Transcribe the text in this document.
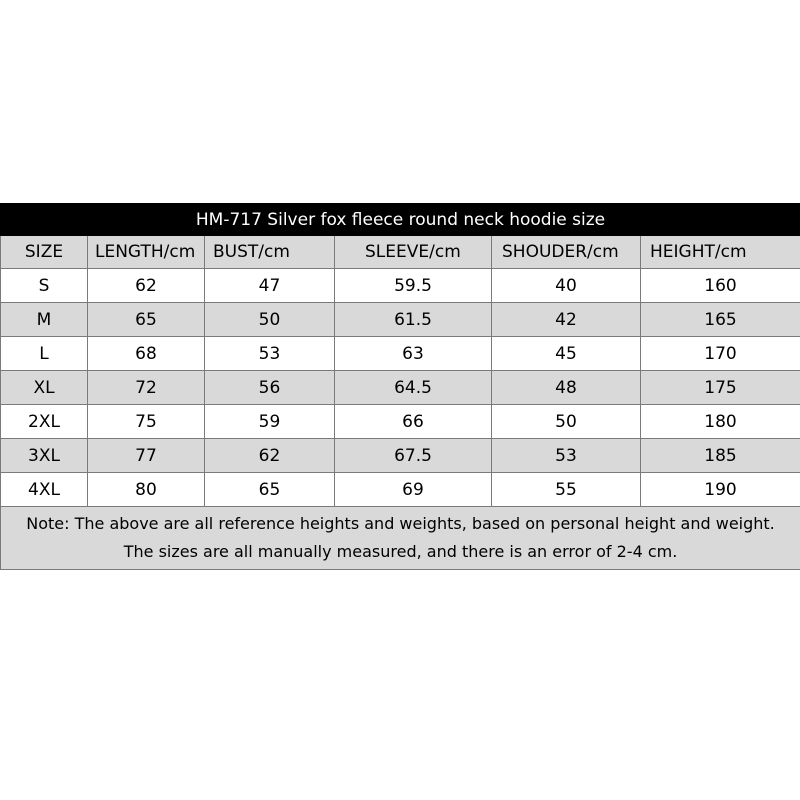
HM-717 Silver fox fleece round neck hoodie size					
SIZE	LENGTH/cm	BUST/cm	SLEEVE/cm	SHOUDER/cm	HEIGHT/cm
S	62	47	59.5	40	160
M	65	50	61.5	42	165
L	68	53	63	45	170
XL	72	56	64.5	48	175
2XL	75	59	66	50	180
3XL	77	62	67.5	53	185
4XL	80	65	69	55	190
Note: The above are all reference heights and weights, based on personal height and weight. The sizes are all manually measured, and there is an error of 2-4 cm.					
